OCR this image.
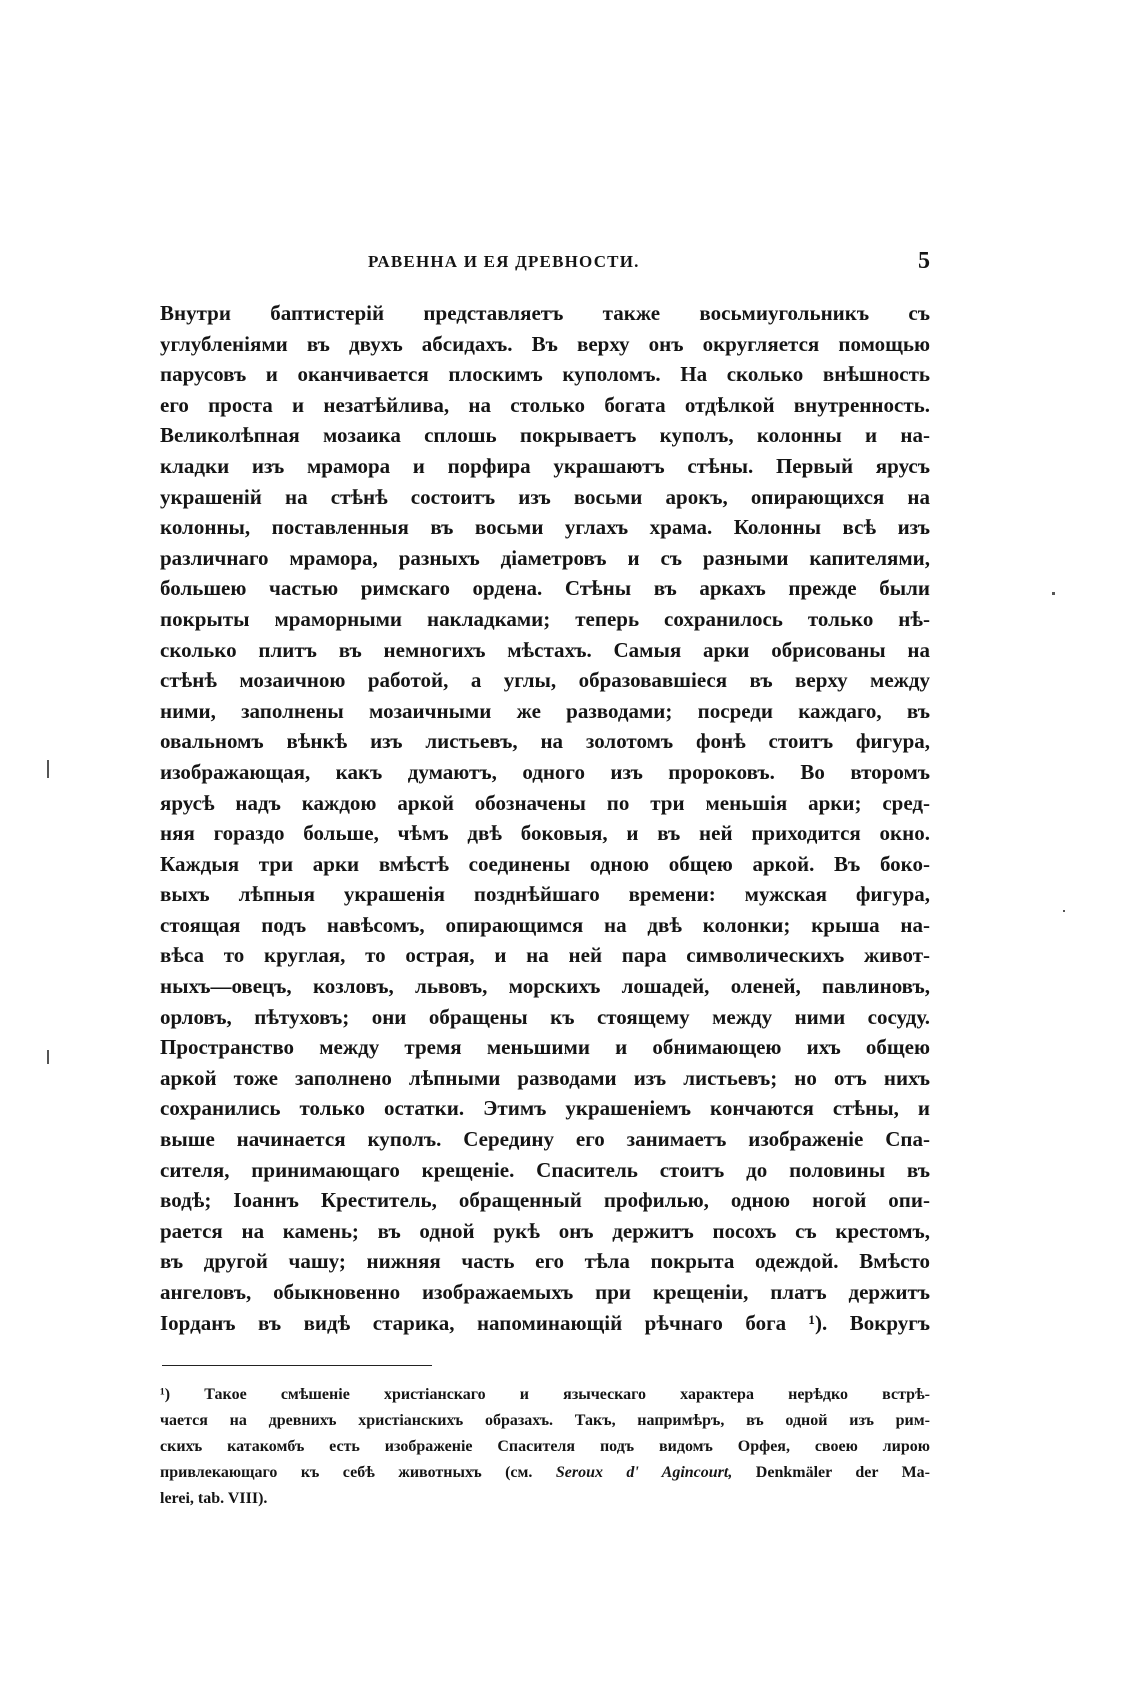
РАВЕННА И ЕЯ ДРЕВНОСТИ.	5
Внутри баптистерій представляетъ также восьмиугольникъ съ
углубленіями въ двухъ абсидахъ. Въ верху онъ округляется помощью
парусовъ и оканчивается плоскимъ куполомъ. На сколько внѣшность
его проста и незатѣйлива, на столько богата отдѣлкой внутренность.
Великолѣпная мозаика сплошь покрываетъ куполъ, колонны и на-
кладки изъ мрамора и порфира украшаютъ стѣны. Первый ярусъ
украшеній на стѣнѣ состоитъ изъ восьми арокъ, опирающихся на
колонны, поставленныя въ восьми углахъ храма. Колонны всѣ изъ
различнаго мрамора, разныхъ діаметровъ и съ разными капителями,
большею частью римскаго ордена. Стѣны въ аркахъ прежде были
покрыты мраморными накладками; теперь сохранилось только нѣ-
сколько плитъ въ немногихъ мѣстахъ. Самыя арки обрисованы на
стѣнѣ мозаичною работой, а углы, образовавшіеся въ верху между
ними, заполнены мозаичными же разводами; посреди каждаго, въ
овальномъ вѣнкѣ изъ листьевъ, на золотомъ фонѣ стоитъ фигура,
изображающая, какъ думаютъ, одного изъ пророковъ. Во второмъ
ярусѣ надъ каждою аркой обозначены по три меньшія арки; сред-
няя гораздо больше, чѣмъ двѣ боковыя, и въ ней приходится окно.
Каждыя три арки вмѣстѣ соединены одною общею аркой. Въ боко-
выхъ лѣпныя украшенія позднѣйшаго времени: мужская фигура,
стоящая подъ навѣсомъ, опирающимся на двѣ колонки; крыша на-
вѣса то круглая, то острая, и на ней пара символическихъ живот-
ныхъ—овецъ, козловъ, львовъ, морскихъ лошадей, оленей, павлиновъ,
орловъ, пѣтуховъ; они обращены къ стоящему между ними сосуду.
Пространство между тремя меньшими и обнимающею ихъ общею
аркой тоже заполнено лѣпными разводами изъ листьевъ; но отъ нихъ
сохранились только остатки. Этимъ украшеніемъ кончаются стѣны, и
выше начинается куполъ. Середину его занимаетъ изображеніе Спа-
сителя, принимающаго крещеніе. Спаситель стоитъ до половины въ
водѣ; Іоаннъ Креститель, обращенный профилью, одною ногой опи-
рается на камень; въ одной рукѣ онъ держитъ посохъ съ крестомъ,
въ другой чашу; нижняя часть его тѣла покрыта одеждой. Вмѣсто
ангеловъ, обыкновенно изображаемыхъ при крещеніи, платъ держитъ
Іорданъ въ видѣ старика, напоминающій рѣчнаго бога ¹). Вокругъ
¹) Такое смѣшеніе христіанскаго и языческаго характера нерѣдко встрѣ-
чается на древнихъ христіанскихъ образахъ. Такъ, напримѣръ, въ одной изъ рим-
скихъ катакомбъ есть изображеніе Спасителя подъ видомъ Орфея, своею лирою
привлекающаго къ себѣ животныхъ (см. Seroux d' Agincourt, Denkmäler der Ma-
lerei, tab. VIII).
